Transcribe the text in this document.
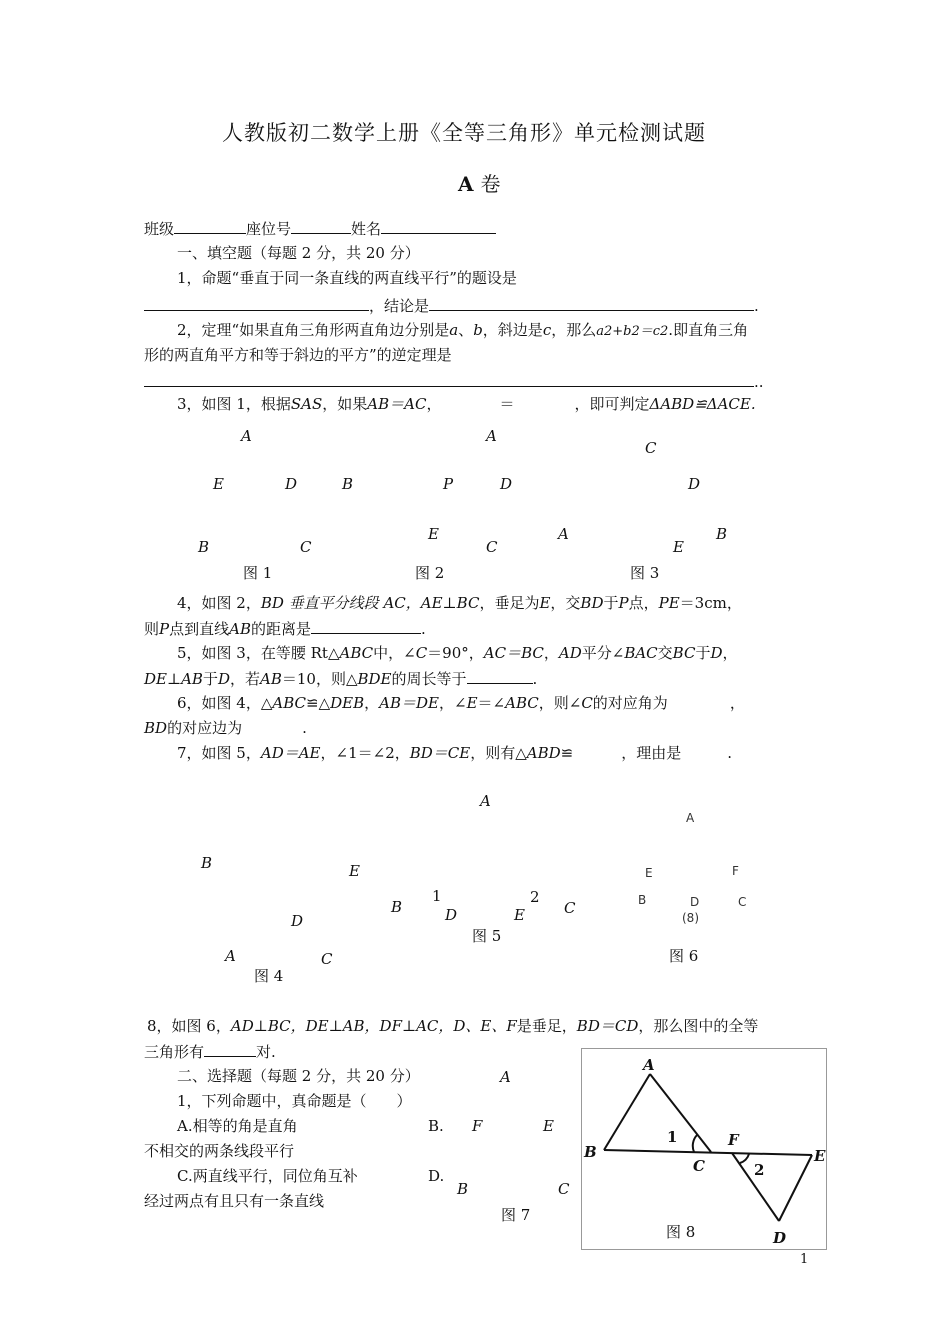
人教版初二数学上册《全等三角形》单元检测试题
A 卷
班级	座位号	姓名
一、填空题（每题 2 分，共 20 分）
1，命题“垂直于同一条直线的两直线平行”的题设是
，结论是	.
2，定理“如果直角三角形两直角边分别是a、b，斜边是c，那么a2+b2＝c2.即直角三角
形的两直角平方和等于斜边的平方”的逆定理是
..
3，如图 1，根据SAS，如果AB＝AC，	＝	，即可判定ΔABD≌ΔACE.
A	A
C
E	D	B	P	D	D
E	A	B
B	C	C	E
图 1	图 2	图 3
4，如图 2，BD 垂直平分线段 AC，AE⊥BC，垂足为E，交BD于P点，PE＝3cm，
则P点到直线AB的距离是	.
5，如图 3，在等腰 Rt△ABC中，∠C＝90°，AC＝BC，AD平分∠BAC交BC于D，
DE⊥AB于D，若AB＝10，则△BDE的周长等于	.
6，如图 4，△ABC≌△DEB，AB＝DE，∠E＝∠ABC，则∠C的对应角为	，
BD的对应边为	.
7，如图 5，AD＝AE，∠1＝∠2，BD＝CE，则有△ABD≌	，理由是	.
A
B	E
B
1
D
2
E	C
D
A	C
A
E	F
B	D	C
(8)
图 5
图 4
图 6
8，如图 6，AD⊥BC，DE⊥AB，DF⊥AC，D、E、F是垂足，BD＝CD，那么图中的全等
三角形有	对.
二、选择题（每题 2 分，共 20 分）
1，下列命题中，真命题是（　　）
A.相等的角是直角	B.
不相交的两条线段平行
C.两直线平行，同位角互补	D.
经过两点有且只有一条直线
A
F	E
B	C
图 7
A
B
1	F
C	2
E
D
图 8
1
